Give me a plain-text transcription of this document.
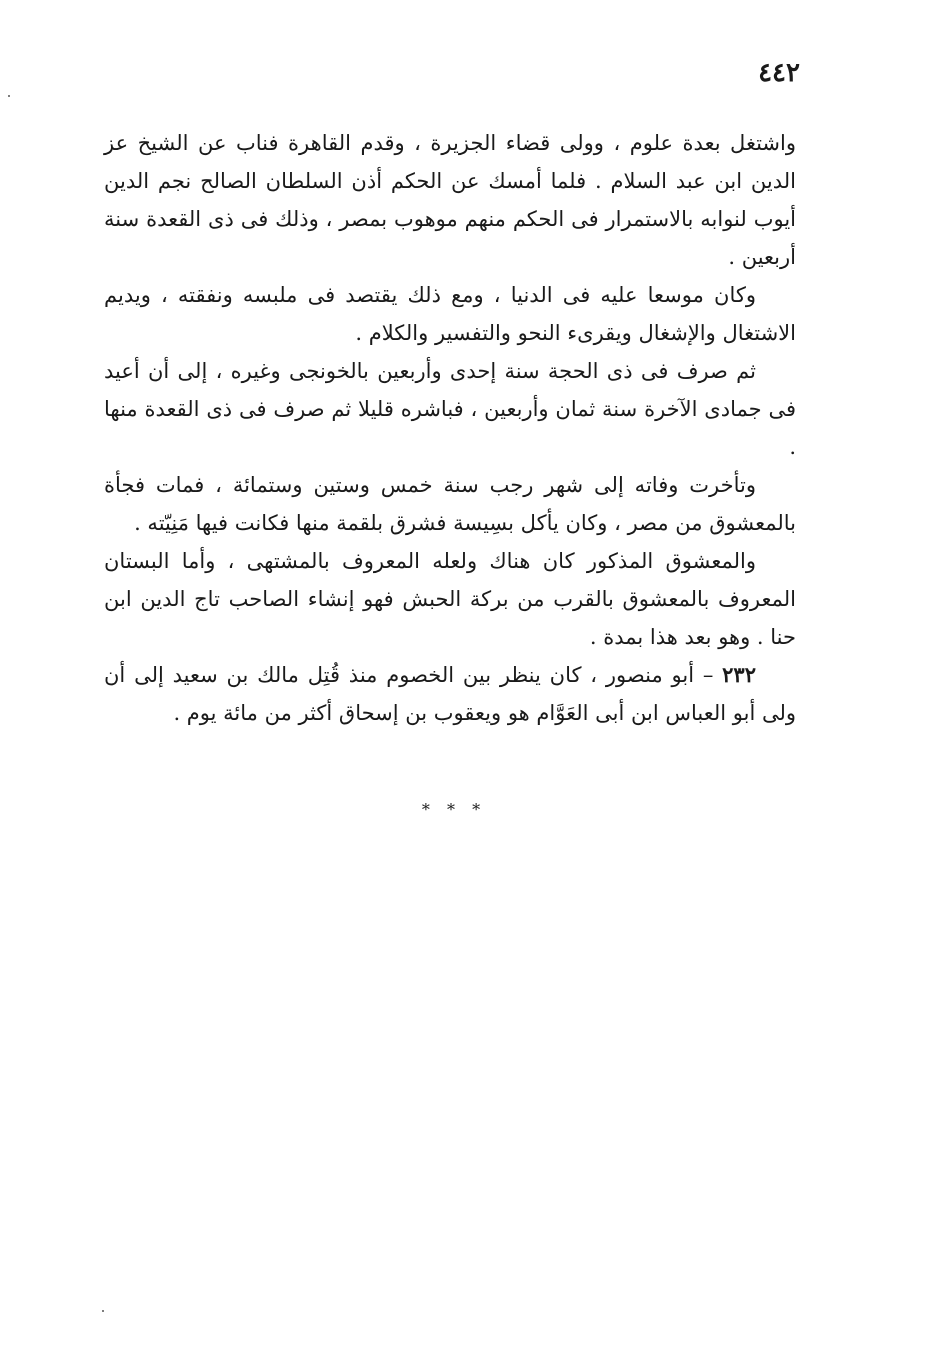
٤٤٢

واشتغل بعدة علوم ، وولى قضاء الجزيرة ، وقدم القاهرة فناب عن الشيخ عز الدين ابن عبد السلام . فلما أمسك عن الحكم أذن السلطان الصالح نجم الدين أيوب لنوابه بالاستمرار فى الحكم منهم موهوب بمصر ، وذلك فى ذى القعدة سنة أربعين .

وكان موسعا عليه فى الدنيا ، ومع ذلك يقتصد فى ملبسه ونفقته ، ويديم الاشتغال والإشغال ويقرىء النحو والتفسير والكلام .

ثم صرف فى ذى الحجة سنة إحدى وأربعين بالخونجى وغيره ، إلى أن أعيد فى جمادى الآخرة سنة ثمان وأربعين ، فباشره قليلا ثم صرف فى ذى القعدة منها .

وتأخرت وفاته إلى شهر رجب سنة خمس وستين وستمائة ، فمات فجأة بالمعشوق من مصر ، وكان يأكل بسِيسة فشرق بلقمة منها فكانت فيها مَنِيّته .

والمعشوق المذكور كان هناك ولعله المعروف بالمشتهى ، وأما البستان المعروف بالمعشوق بالقرب من بركة الحبش فهو إنشاء الصاحب تاج الدين ابن حنا . وهو بعد هذا بمدة .

٢٣٢ – أبو منصور ، كان ينظر بين الخصوم منذ قُتِل مالك بن سعيد إلى أن ولى أبو العباس ابن أبى العَوَّام هو ويعقوب بن إسحاق أكثر من مائة يوم .

* * *
